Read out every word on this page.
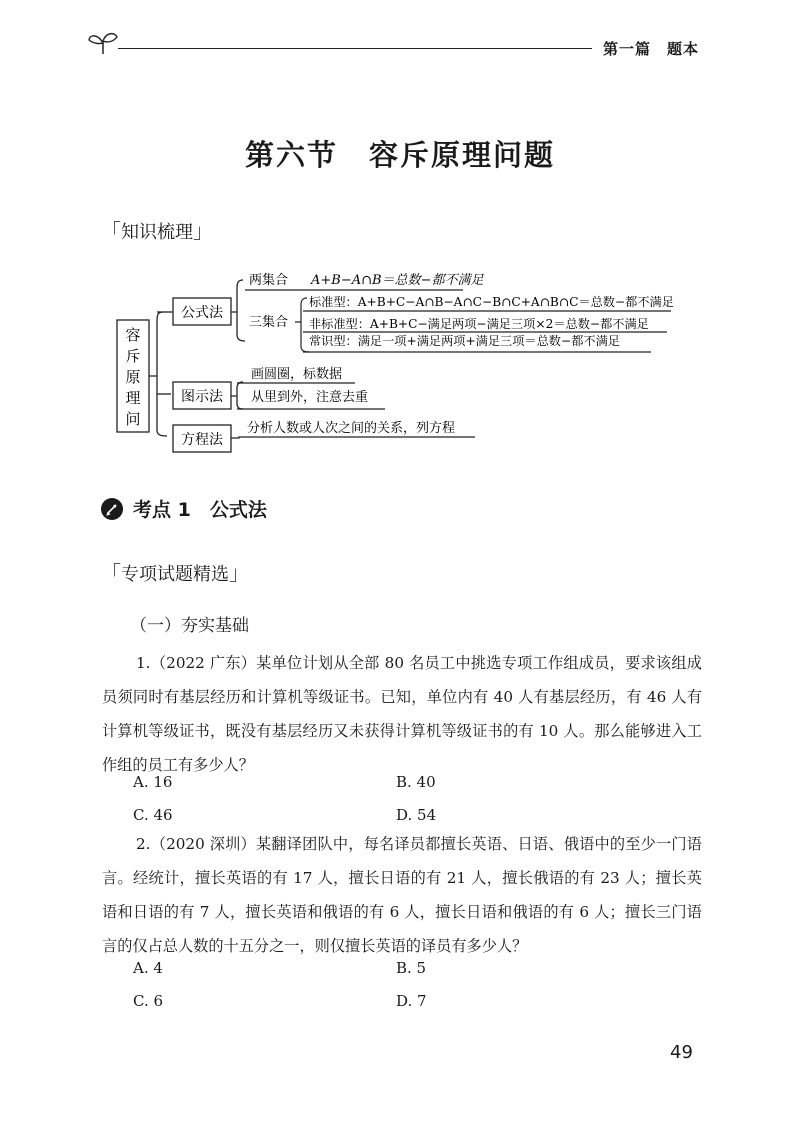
第一篇　题本
第六节　容斥原理问题
「知识梳理」
容
斥
原
理
问
公式法
两集合
三集合
A+B−A∩B＝总数−都不满足
标准型：A+B+C−A∩B−A∩C−B∩C+A∩B∩C＝总数−都不满足
非标准型：A+B+C−满足两项−满足三项×2＝总数−都不满足
常识型：满足一项+满足两项+满足三项＝总数−都不满足
图示法
画圆圈，标数据
从里到外，注意去重
方程法
分析人数或人次之间的关系，列方程
考点 1　公式法
「专项试题精选」
（一）夯实基础
1.（2022 广东）某单位计划从全部 80 名员工中挑选专项工作组成员，要求该组成员须同时有基层经历和计算机等级证书。已知，单位内有 40 人有基层经历，有 46 人有计算机等级证书，既没有基层经历又未获得计算机等级证书的有 10 人。那么能够进入工作组的员工有多少人？
A. 16	B. 40
C. 46	D. 54
2.（2020 深圳）某翻译团队中，每名译员都擅长英语、日语、俄语中的至少一门语言。经统计，擅长英语的有 17 人，擅长日语的有 21 人，擅长俄语的有 23 人；擅长英语和日语的有 7 人，擅长英语和俄语的有 6 人，擅长日语和俄语的有 6 人；擅长三门语言的仅占总人数的十五分之一，则仅擅长英语的译员有多少人？
A. 4	B. 5
C. 6	D. 7
49
